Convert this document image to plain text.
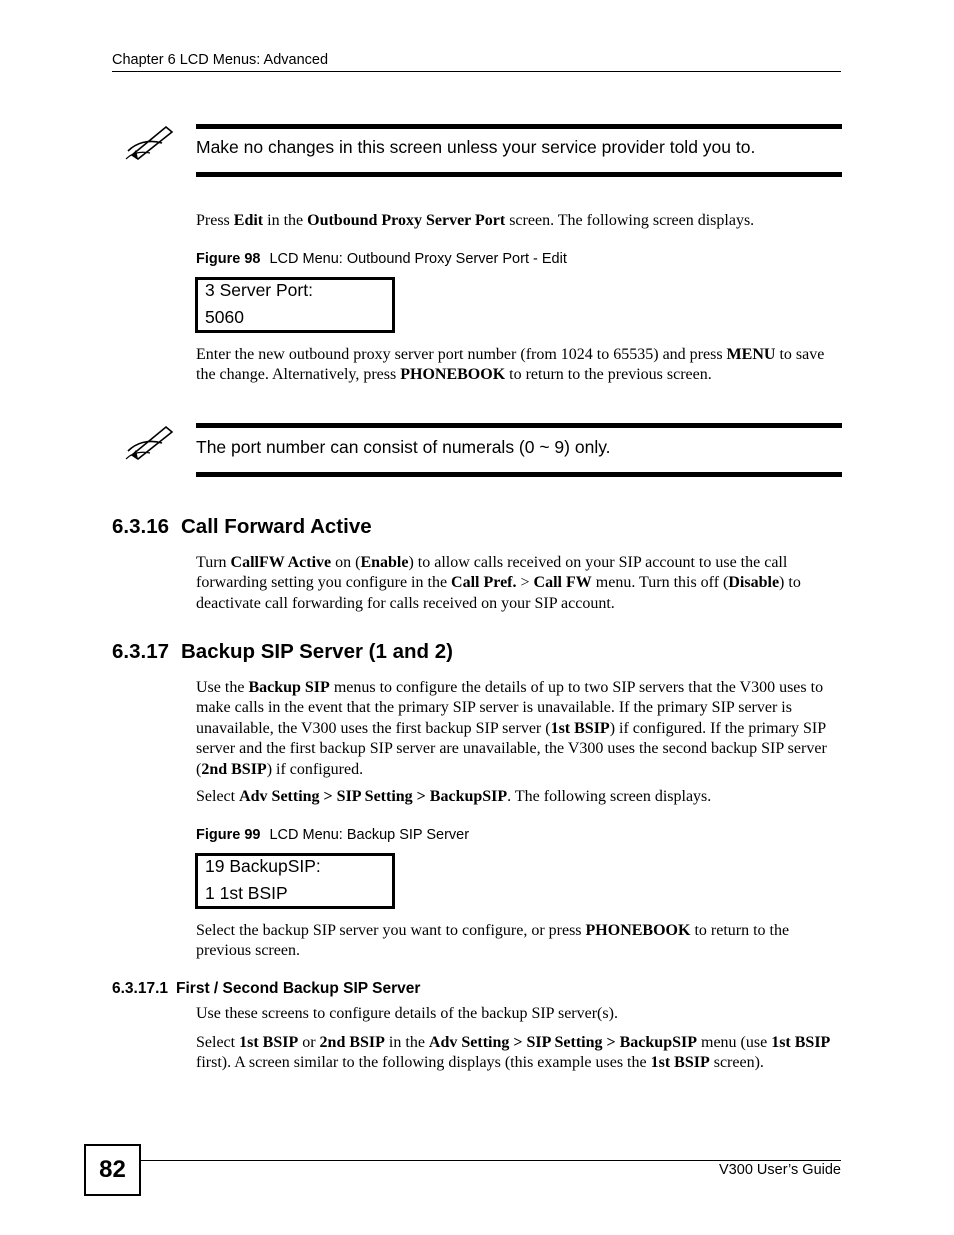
Chapter 6 LCD Menus: Advanced
Make no changes in this screen unless your service provider told you to.
Press Edit in the Outbound Proxy Server Port screen. The following screen displays.
Figure 98 LCD Menu: Outbound Proxy Server Port - Edit
3 Server Port:
5060
Enter the new outbound proxy server port number (from 1024 to 65535) and press MENU to save the change. Alternatively, press PHONEBOOK to return to the previous screen.
The port number can consist of numerals (0 ~ 9) only.
6.3.16 Call Forward Active
Turn CallFW Active on (Enable) to allow calls received on your SIP account to use the call forwarding setting you configure in the Call Pref. > Call FW menu. Turn this off (Disable) to deactivate call forwarding for calls received on your SIP account.
6.3.17 Backup SIP Server (1 and 2)
Use the Backup SIP menus to configure the details of up to two SIP servers that the V300 uses to make calls in the event that the primary SIP server is unavailable. If the primary SIP server is unavailable, the V300 uses the first backup SIP server (1st BSIP) if configured. If the primary SIP server and the first backup SIP server are unavailable, the V300 uses the second backup SIP server (2nd BSIP) if configured.
Select Adv Setting > SIP Setting > BackupSIP. The following screen displays.
Figure 99 LCD Menu: Backup SIP Server
19 BackupSIP:
1 1st BSIP
Select the backup SIP server you want to configure, or press PHONEBOOK to return to the previous screen.
6.3.17.1 First / Second Backup SIP Server
Use these screens to configure details of the backup SIP server(s).
Select 1st BSIP or 2nd BSIP in the Adv Setting > SIP Setting > BackupSIP menu (use 1st BSIP first). A screen similar to the following displays (this example uses the 1st BSIP screen).
82	V300 User’s Guide
